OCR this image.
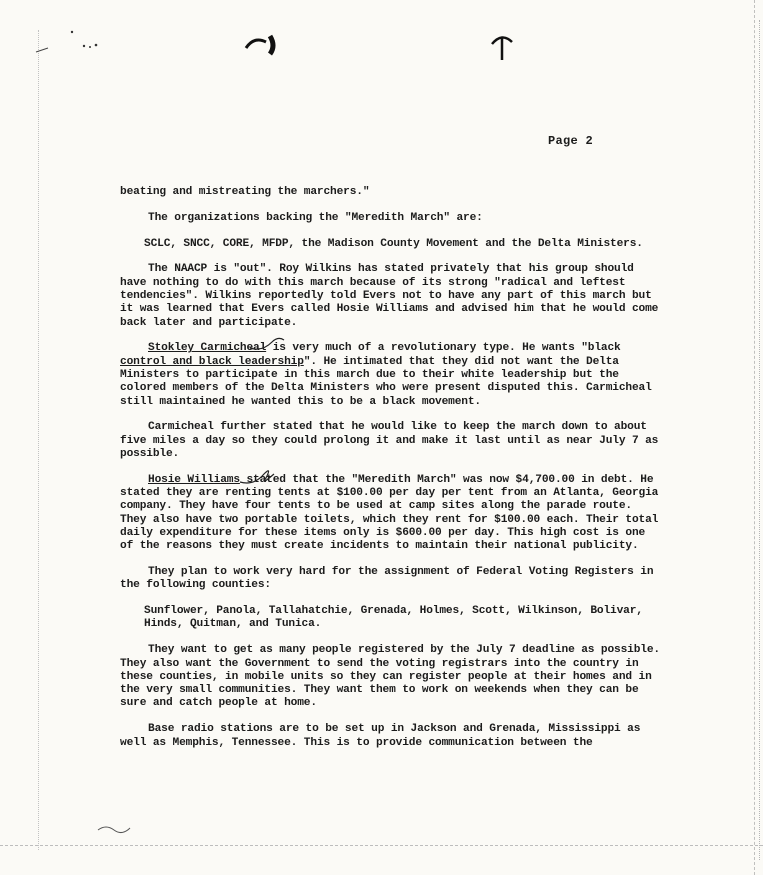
Page 2

beating and mistreating the marchers."

The organizations backing the "Meredith March" are:

SCLC, SNCC, CORE, MFDP, the Madison County Movement and the Delta Ministers.

The NAACP is "out". Roy Wilkins has stated privately that his group should have nothing to do with this march because of its strong "radical and leftest tendencies". Wilkins reportedly told Evers not to have any part of this march but it was learned that Evers called Hosie Williams and advised him that he would come back later and participate.

Stokley Carmicheal is very much of a revolutionary type. He wants "black control and black leadership". He intimated that they did not want the Delta Ministers to participate in this march due to their white leadership but the colored members of the Delta Ministers who were present disputed this. Carmicheal still maintained he wanted this to be a black movement.

Carmicheal further stated that he would like to keep the march down to about five miles a day so they could prolong it and make it last until as near July 7 as possible.

Hosie Williams stated that the "Meredith March" was now $4,700.00 in debt. He stated they are renting tents at $100.00 per day per tent from an Atlanta, Georgia company. They have four tents to be used at camp sites along the parade route. They also have two portable toilets, which they rent for $100.00 each. Their total daily expenditure for these items only is $600.00 per day. This high cost is one of the reasons they must create incidents to maintain their national publicity.

They plan to work very hard for the assignment of Federal Voting Registers in the following counties:

Sunflower, Panola, Tallahatchie, Grenada, Holmes, Scott, Wilkinson, Bolivar, Hinds, Quitman, and Tunica.

They want to get as many people registered by the July 7 deadline as possible. They also want the Government to send the voting registrars into the country in these counties, in mobile units so they can register people at their homes and in the very small communities. They want them to work on weekends when they can be sure and catch people at home.

Base radio stations are to be set up in Jackson and Grenada, Mississippi as well as Memphis, Tennessee. This is to provide communication between the
